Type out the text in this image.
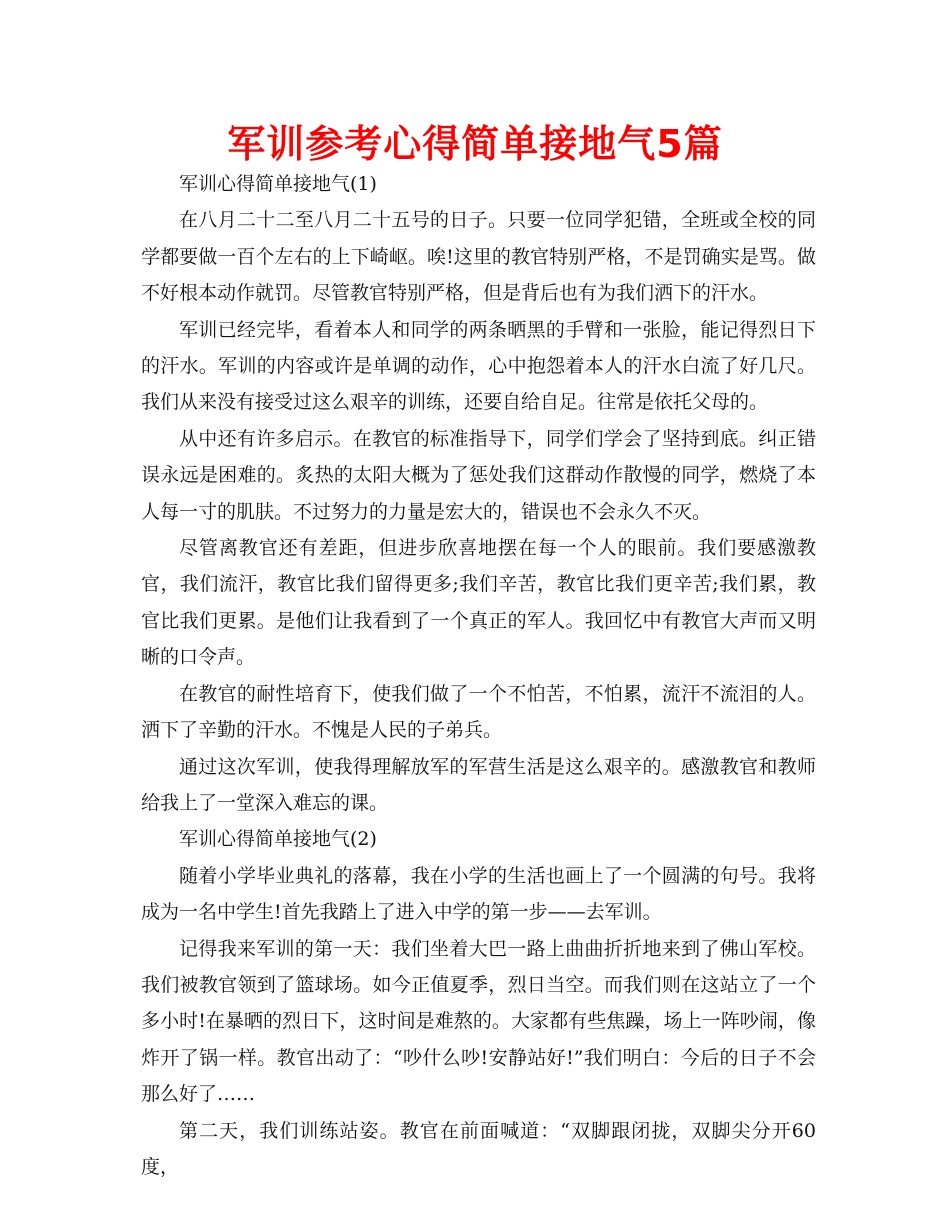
军训参考心得简单接地气5篇

军训心得简单接地气(1)

在八月二十二至八月二十五号的日子。只要一位同学犯错，全班或全校的同学都要做一百个左右的上下崎岖。唉!这里的教官特别严格，不是罚确实是骂。做不好根本动作就罚。尽管教官特别严格，但是背后也有为我们洒下的汗水。

军训已经完毕，看着本人和同学的两条晒黑的手臂和一张脸，能记得烈日下的汗水。军训的内容或许是单调的动作，心中抱怨着本人的汗水白流了好几尺。我们从来没有接受过这么艰辛的训练，还要自给自足。往常是依托父母的。

从中还有许多启示。在教官的标准指导下，同学们学会了坚持到底。纠正错误永远是困难的。炙热的太阳大概为了惩处我们这群动作散慢的同学，燃烧了本人每一寸的肌肤。不过努力的力量是宏大的，错误也不会永久不灭。

尽管离教官还有差距，但进步欣喜地摆在每一个人的眼前。我们要感激教官，我们流汗，教官比我们留得更多;我们辛苦，教官比我们更辛苦;我们累，教官比我们更累。是他们让我看到了一个真正的军人。我回忆中有教官大声而又明晰的口令声。

在教官的耐性培育下，使我们做了一个不怕苦，不怕累，流汗不流泪的人。洒下了辛勤的汗水。不愧是人民的子弟兵。

通过这次军训，使我得理解放军的军营生活是这么艰辛的。感激教官和教师给我上了一堂深入难忘的课。

军训心得简单接地气(2)

随着小学毕业典礼的落幕，我在小学的生活也画上了一个圆满的句号。我将成为一名中学生!首先我踏上了进入中学的第一步——去军训。

记得我来军训的第一天：我们坐着大巴一路上曲曲折折地来到了佛山军校。我们被教官领到了篮球场。如今正值夏季，烈日当空。而我们则在这站立了一个多小时!在暴晒的烈日下，这时间是难熬的。大家都有些焦躁，场上一阵吵闹，像炸开了锅一样。教官出动了：“吵什么吵!安静站好!”我们明白：今后的日子不会那么好了……

第二天，我们训练站姿。教官在前面喊道：“双脚跟闭拢，双脚尖分开60度，
